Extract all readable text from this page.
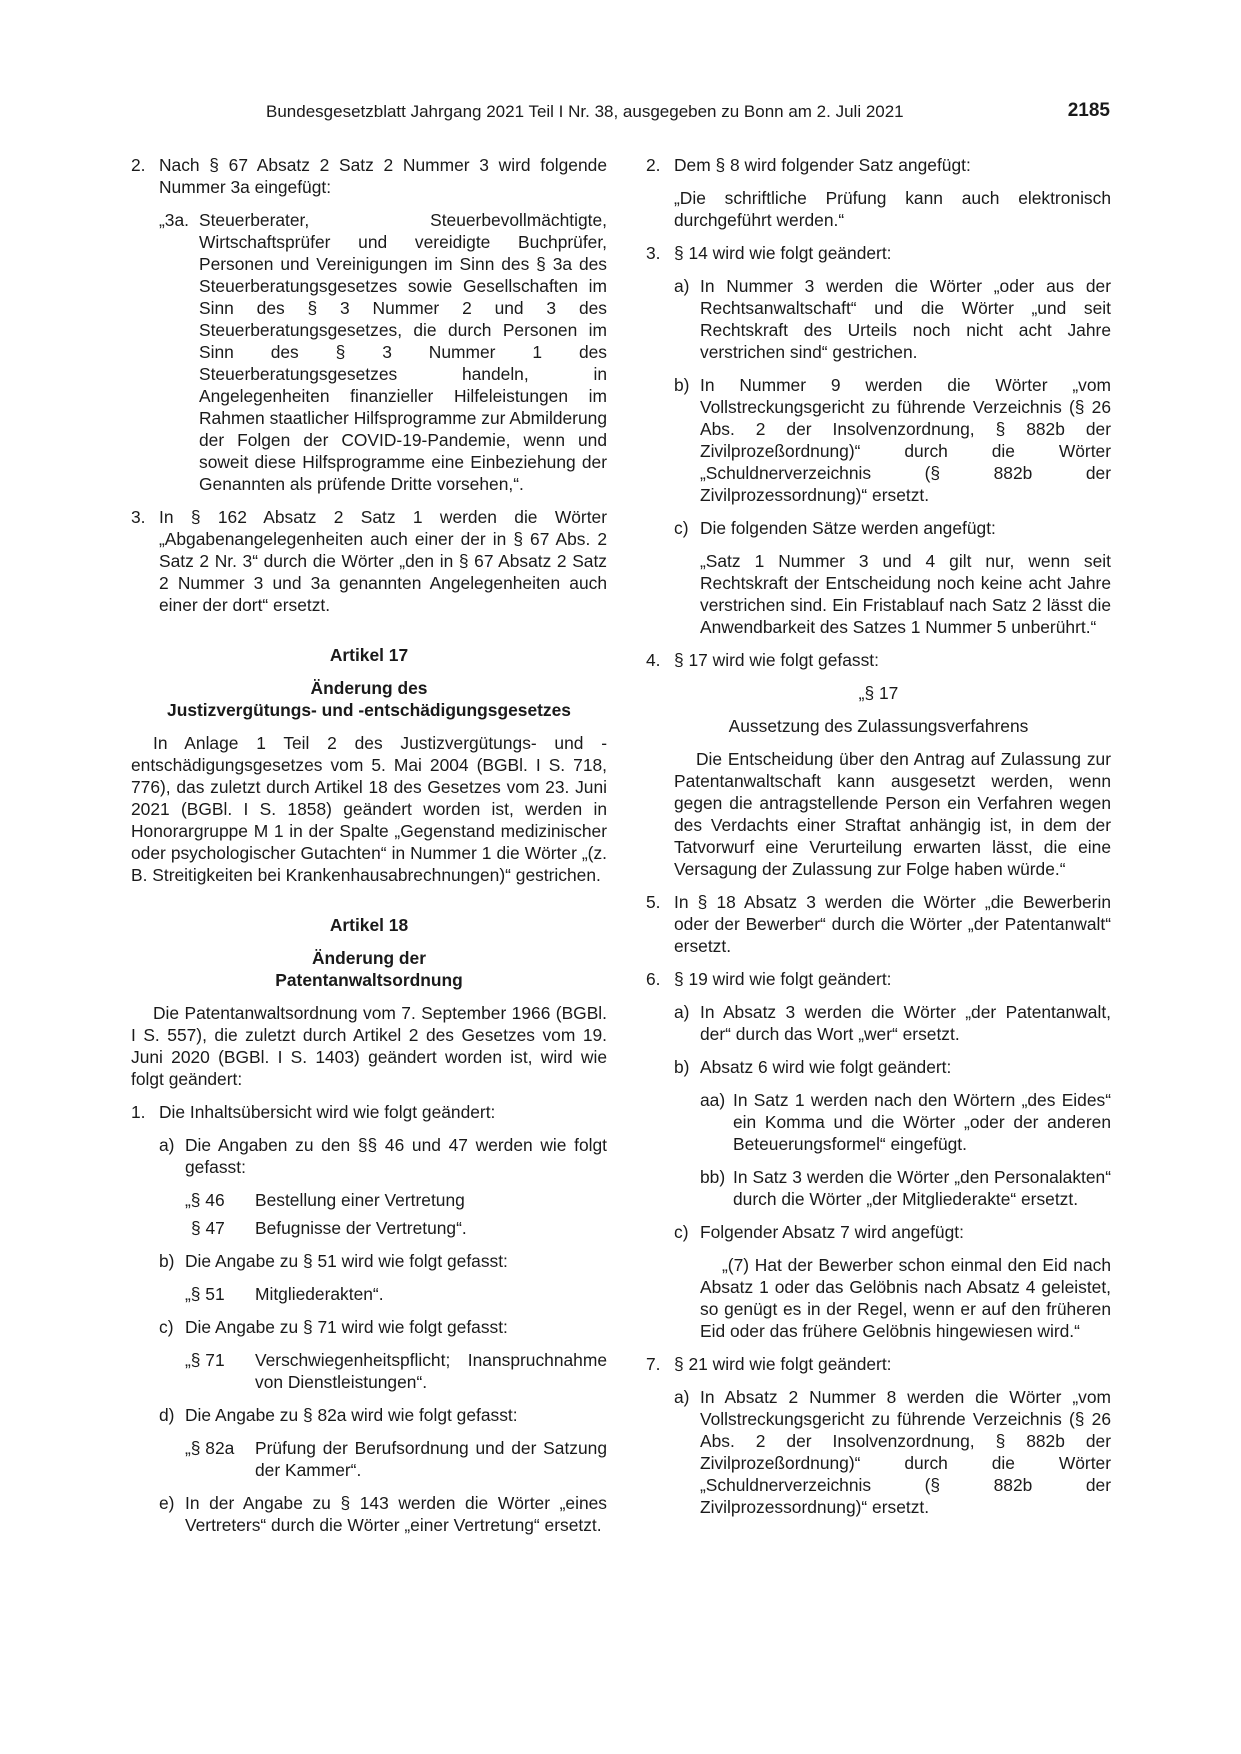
Bundesgesetzblatt Jahrgang 2021 Teil I Nr. 38, ausgegeben zu Bonn am 2. Juli 2021	2185
2. Nach § 67 Absatz 2 Satz 2 Nummer 3 wird folgende Nummer 3a eingefügt:
„3a. Steuerberater, Steuerbevollmächtigte, Wirtschaftsprüfer und vereidigte Buchprüfer, Personen und Vereinigungen im Sinn des § 3a des Steuerberatungsgesetzes sowie Gesellschaften im Sinn des § 3 Nummer 2 und 3 des Steuerberatungsgesetzes, die durch Personen im Sinn des § 3 Nummer 1 des Steuerberatungsgesetzes handeln, in Angelegenheiten finanzieller Hilfeleistungen im Rahmen staatlicher Hilfsprogramme zur Abmilderung der Folgen der COVID-19-Pandemie, wenn und soweit diese Hilfsprogramme eine Einbeziehung der Genannten als prüfende Dritte vorsehen,“.
3. In § 162 Absatz 2 Satz 1 werden die Wörter „Abgabenangelegenheiten auch einer der in § 67 Abs. 2 Satz 2 Nr. 3“ durch die Wörter „den in § 67 Absatz 2 Satz 2 Nummer 3 und 3a genannten Angelegenheiten auch einer der dort“ ersetzt.
Artikel 17
Änderung des
Justizvergütungs- und -entschädigungsgesetzes
In Anlage 1 Teil 2 des Justizvergütungs- und -entschädigungsgesetzes vom 5. Mai 2004 (BGBl. I S. 718, 776), das zuletzt durch Artikel 18 des Gesetzes vom 23. Juni 2021 (BGBl. I S. 1858) geändert worden ist, werden in Honorargruppe M 1 in der Spalte „Gegenstand medizinischer oder psychologischer Gutachten“ in Nummer 1 die Wörter „(z. B. Streitigkeiten bei Krankenhausabrechnungen)“ gestrichen.
Artikel 18
Änderung der
Patentanwaltsordnung
Die Patentanwaltsordnung vom 7. September 1966 (BGBl. I S. 557), die zuletzt durch Artikel 2 des Gesetzes vom 19. Juni 2020 (BGBl. I S. 1403) geändert worden ist, wird wie folgt geändert:
1. Die Inhaltsübersicht wird wie folgt geändert:
a) Die Angaben zu den §§ 46 und 47 werden wie folgt gefasst:
„§ 46 Bestellung einer Vertretung
§ 47 Befugnisse der Vertretung“.
b) Die Angabe zu § 51 wird wie folgt gefasst:
„§ 51 Mitgliederakten“.
c) Die Angabe zu § 71 wird wie folgt gefasst:
„§ 71 Verschwiegenheitspflicht; Inanspruchnahme von Dienstleistungen“.
d) Die Angabe zu § 82a wird wie folgt gefasst:
„§ 82a Prüfung der Berufsordnung und der Satzung der Kammer“.
e) In der Angabe zu § 143 werden die Wörter „eines Vertreters“ durch die Wörter „einer Vertretung“ ersetzt.
2. Dem § 8 wird folgender Satz angefügt:
„Die schriftliche Prüfung kann auch elektronisch durchgeführt werden.“
3. § 14 wird wie folgt geändert:
a) In Nummer 3 werden die Wörter „oder aus der Rechtsanwaltschaft“ und die Wörter „und seit Rechtskraft des Urteils noch nicht acht Jahre verstrichen sind“ gestrichen.
b) In Nummer 9 werden die Wörter „vom Vollstreckungsgericht zu führende Verzeichnis (§ 26 Abs. 2 der Insolvenzordnung, § 882b der Zivilprozeßordnung)“ durch die Wörter „Schuldnerverzeichnis (§ 882b der Zivilprozessordnung)“ ersetzt.
c) Die folgenden Sätze werden angefügt:
„Satz 1 Nummer 3 und 4 gilt nur, wenn seit Rechtskraft der Entscheidung noch keine acht Jahre verstrichen sind. Ein Fristablauf nach Satz 2 lässt die Anwendbarkeit des Satzes 1 Nummer 5 unberührt.“
4. § 17 wird wie folgt gefasst:
„§ 17
Aussetzung des Zulassungsverfahrens
Die Entscheidung über den Antrag auf Zulassung zur Patentanwaltschaft kann ausgesetzt werden, wenn gegen die antragstellende Person ein Verfahren wegen des Verdachts einer Straftat anhängig ist, in dem der Tatvorwurf eine Verurteilung erwarten lässt, die eine Versagung der Zulassung zur Folge haben würde.“
5. In § 18 Absatz 3 werden die Wörter „die Bewerberin oder der Bewerber“ durch die Wörter „der Patentanwalt“ ersetzt.
6. § 19 wird wie folgt geändert:
a) In Absatz 3 werden die Wörter „der Patentanwalt, der“ durch das Wort „wer“ ersetzt.
b) Absatz 6 wird wie folgt geändert:
aa) In Satz 1 werden nach den Wörtern „des Eides“ ein Komma und die Wörter „oder der anderen Beteuerungsformel“ eingefügt.
bb) In Satz 3 werden die Wörter „den Personalakten“ durch die Wörter „der Mitgliederakte“ ersetzt.
c) Folgender Absatz 7 wird angefügt:
„(7) Hat der Bewerber schon einmal den Eid nach Absatz 1 oder das Gelöbnis nach Absatz 4 geleistet, so genügt es in der Regel, wenn er auf den früheren Eid oder das frühere Gelöbnis hingewiesen wird.“
7. § 21 wird wie folgt geändert:
a) In Absatz 2 Nummer 8 werden die Wörter „vom Vollstreckungsgericht zu führende Verzeichnis (§ 26 Abs. 2 der Insolvenzordnung, § 882b der Zivilprozeßordnung)“ durch die Wörter „Schuldnerverzeichnis (§ 882b der Zivilprozessordnung)“ ersetzt.
